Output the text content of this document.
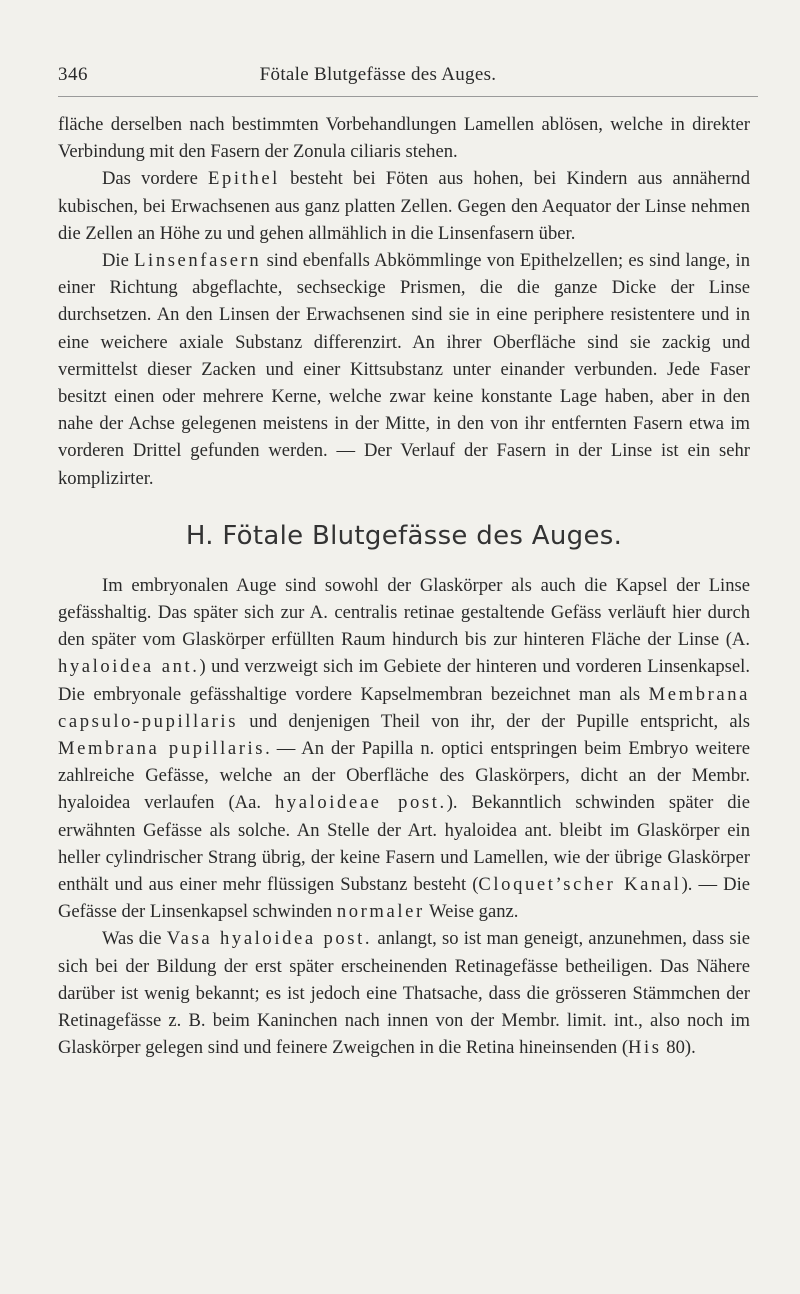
346	Fötale Blutgefässe des Auges.

fläche derselben nach bestimmten Vorbehandlungen Lamellen ablösen, welche in direkter Verbindung mit den Fasern der Zonula ciliaris stehen.

Das vordere Epithel besteht bei Föten aus hohen, bei Kindern aus annähernd kubischen, bei Erwachsenen aus ganz platten Zellen. Gegen den Aequator der Linse nehmen die Zellen an Höhe zu und gehen allmählich in die Linsenfasern über.

Die Linsenfasern sind ebenfalls Abkömmlinge von Epithelzellen; es sind lange, in einer Richtung abgeflachte, sechseckige Prismen, die die ganze Dicke der Linse durchsetzen. An den Linsen der Erwachsenen sind sie in eine periphere resistentere und in eine weichere axiale Substanz differenzirt. An ihrer Oberfläche sind sie zackig und vermittelst dieser Zacken und einer Kittsubstanz unter einander verbunden. Jede Faser besitzt einen oder mehrere Kerne, welche zwar keine konstante Lage haben, aber in den nahe der Achse gelegenen meistens in der Mitte, in den von ihr entfernten Fasern etwa im vorderen Drittel gefunden werden. — Der Verlauf der Fasern in der Linse ist ein sehr komplizirter.

H. Fötale Blutgefässe des Auges.

Im embryonalen Auge sind sowohl der Glaskörper als auch die Kapsel der Linse gefässhaltig. Das später sich zur A. centralis retinae gestaltende Gefäss verläuft hier durch den später vom Glaskörper erfüllten Raum hindurch bis zur hinteren Fläche der Linse (A. hyaloidea ant.) und verzweigt sich im Gebiete der hinteren und vorderen Linsenkapsel. Die embryonale gefässhaltige vordere Kapselmembran bezeichnet man als Membrana capsulo-pupillaris und denjenigen Theil von ihr, der der Pupille entspricht, als Membrana pupillaris. — An der Papilla n. optici entspringen beim Embryo weitere zahlreiche Gefässe, welche an der Oberfläche des Glaskörpers, dicht an der Membr. hyaloidea verlaufen (Aa. hyaloideae post.). Bekanntlich schwinden später die erwähnten Gefässe als solche. An Stelle der Art. hyaloidea ant. bleibt im Glaskörper ein heller cylindrischer Strang übrig, der keine Fasern und Lamellen, wie der übrige Glaskörper enthält und aus einer mehr flüssigen Substanz besteht (Cloquet’scher Kanal). — Die Gefässe der Linsenkapsel schwinden normaler Weise ganz.

Was die Vasa hyaloidea post. anlangt, so ist man geneigt, anzunehmen, dass sie sich bei der Bildung der erst später erscheinenden Retinagefässe betheiligen. Das Nähere darüber ist wenig bekannt; es ist jedoch eine Thatsache, dass die grösseren Stämmchen der Retinagefässe z. B. beim Kaninchen nach innen von der Membr. limit. int., also noch im Glaskörper gelegen sind und feinere Zweigchen in die Retina hineinsenden (His 80).
